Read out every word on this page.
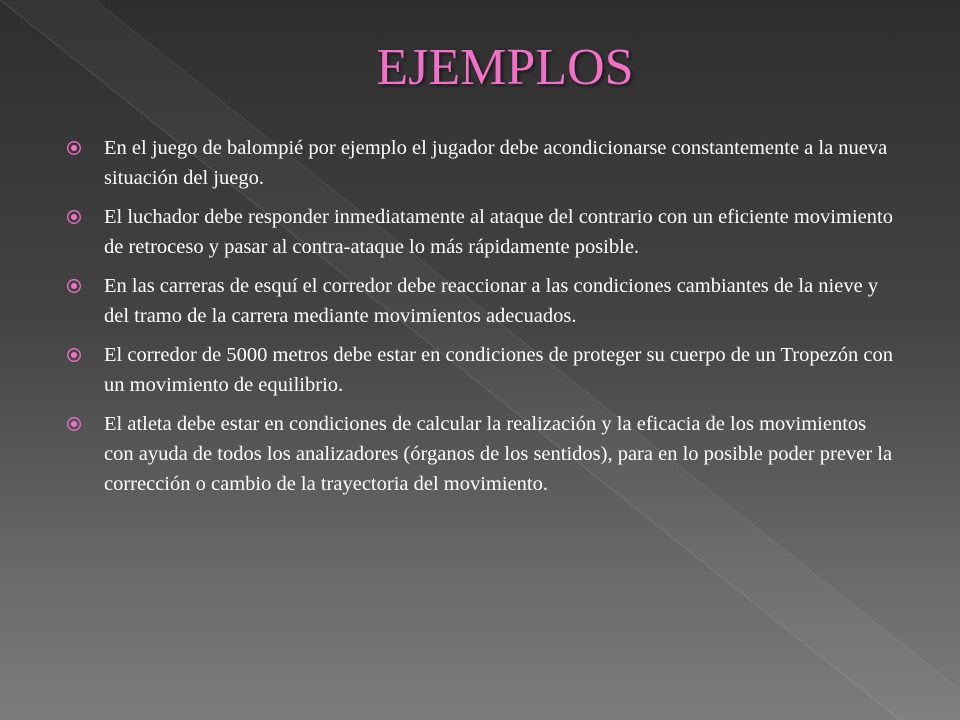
EJEMPLOS
En el juego de balompié por ejemplo el jugador debe acondicionarse constantemente a la nueva situación del juego.
El luchador debe responder inmediatamente al ataque del contrario con un eficiente movimiento de retroceso y pasar al contra-ataque lo más rápidamente posible.
En las carreras de esquí el corredor debe reaccionar a las condiciones cambiantes de la nieve y del tramo de la carrera mediante movimientos adecuados.
El corredor de 5000 metros debe estar en condiciones de proteger su cuerpo de un Tropezón con un movimiento de equilibrio.
El atleta debe estar en condiciones de calcular la realización y la eficacia de los movimientos con ayuda de todos los analizadores (órganos de los sentidos), para en lo posible poder prever la corrección o cambio de la trayectoria del movimiento.
